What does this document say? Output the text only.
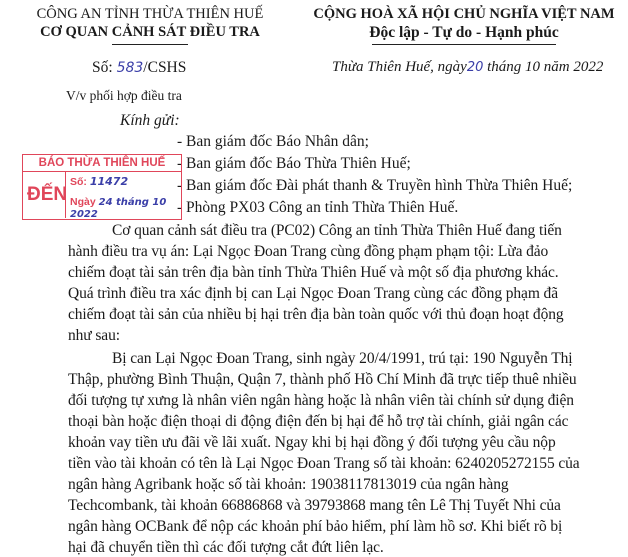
CÔNG AN TỈNH THỪA THIÊN HUẾ
CƠ QUAN CẢNH SÁT ĐIỀU TRA
CỘNG HOÀ XÃ HỘI CHỦ NGHĨA VIỆT NAM
Độc lập - Tự do - Hạnh phúc
Số: 583/CSHS	Thừa Thiên Huế, ngày20 tháng 10 năm 2022
V/v phối hợp điều tra
Kính gửi:
- Ban giám đốc Báo Nhân dân;
- Ban giám đốc Báo Thừa Thiên Huế;
- Ban giám đốc Đài phát thanh & Truyền hình Thừa Thiên Huế;
- Phòng PX03 Công an tỉnh Thừa Thiên Huế.
BÁO THỪA THIÊN HUẾ
ĐẾN
Số: 11472
Ngày 24 tháng 10 2022
Cơ quan cảnh sát điều tra (PC02) Công an tỉnh Thừa Thiên Huế đang tiến
hành điều tra vụ án: Lại Ngọc Đoan Trang cùng đồng phạm phạm tội: Lừa đảo
chiếm đoạt tài sản trên địa bàn tỉnh Thừa Thiên Huế và một số địa phương khác.
Quá trình điều tra xác định bị can Lại Ngọc Đoan Trang cùng các đồng phạm đã
chiếm đoạt tài sản của nhiều bị hại trên địa bàn toàn quốc với thủ đoạn hoạt động
như sau:
Bị can Lại Ngọc Đoan Trang, sinh ngày 20/4/1991, trú tại: 190 Nguyễn Thị
Thập, phường Bình Thuận, Quận 7, thành phố Hồ Chí Minh đã trực tiếp thuê nhiều
đối tượng tự xưng là nhân viên ngân hàng hoặc là nhân viên tài chính sử dụng điện
thoại bàn hoặc điện thoại di động điện đến bị hại để hỗ trợ tài chính, giải ngân các
khoản vay tiền ưu đãi về lãi xuất. Ngay khi bị hại đồng ý đối tượng yêu cầu nộp
tiền vào tài khoản có tên là Lại Ngọc Đoan Trang số tài khoản: 6240205272155 của
ngân hàng Agribank hoặc số tài khoản: 19038117813019 của ngân hàng
Techcombank, tài khoản 66886868 và 39793868 mang tên Lê Thị Tuyết Nhi của
ngân hàng OCBank để nộp các khoản phí bảo hiểm, phí làm hồ sơ. Khi biết rõ bị
hại đã chuyển tiền thì các đối tượng cắt đứt liên lạc.
